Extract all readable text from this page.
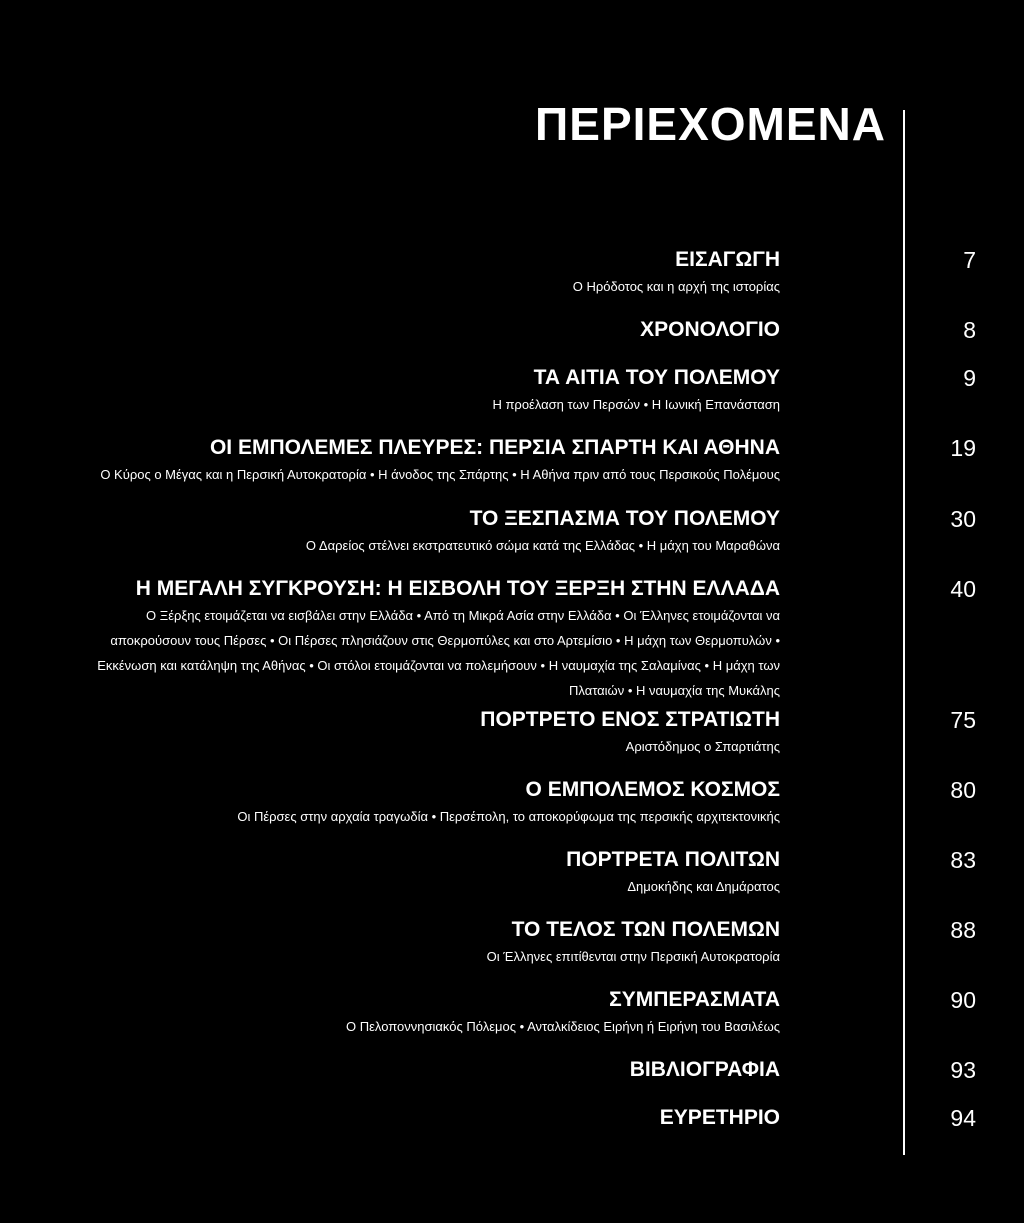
ΠΕΡΙΕΧΟΜΕΝΑ
ΕΙΣΑΓΩΓΗ
Ο Ηρόδοτος και η αρχή της ιστορίας
7
ΧΡΟΝΟΛΟΓΙΟ	8
ΤΑ ΑΙΤΙΑ ΤΟΥ ΠΟΛΕΜΟΥ
Η προέλαση των Περσών • Η Ιωνική Επανάσταση
9
ΟΙ ΕΜΠΟΛΕΜΕΣ ΠΛΕΥΡΕΣ: ΠΕΡΣΙΑ ΣΠΑΡΤΗ ΚΑΙ ΑΘΗΝΑ
Ο Κύρος ο Μέγας και η Περσική Αυτοκρατορία • Η άνοδος της Σπάρτης • Η Αθήνα πριν από τους Περσικούς Πολέμους
19
ΤΟ ΞΕΣΠΑΣΜΑ ΤΟΥ ΠΟΛΕΜΟΥ
Ο Δαρείος στέλνει εκστρατευτικό σώμα κατά της Ελλάδας • Η μάχη του Μαραθώνα
30
Η ΜΕΓΑΛΗ ΣΥΓΚΡΟΥΣΗ: Η ΕΙΣΒΟΛΗ ΤΟΥ ΞΕΡΞΗ ΣΤΗΝ ΕΛΛΑΔΑ
Ο Ξέρξης ετοιμάζεται να εισβάλει στην Ελλάδα • Από τη Μικρά Ασία στην Ελλάδα • Οι Έλληνες ετοιμάζονται να αποκρούσουν τους Πέρσες • Οι Πέρσες πλησιάζουν στις Θερμοπύλες και στο Αρτεμίσιο • Η μάχη των Θερμοπυλών • Εκκένωση και κατάληψη της Αθήνας • Οι στόλοι ετοιμάζονται να πολεμήσουν • Η ναυμαχία της Σαλαμίνας • Η μάχη των Πλαταιών • Η ναυμαχία της Μυκάλης
40
ΠΟΡΤΡΕΤΟ ΕΝΟΣ ΣΤΡΑΤΙΩΤΗ
Αριστόδημος ο Σπαρτιάτης
75
Ο ΕΜΠΟΛΕΜΟΣ ΚΟΣΜΟΣ
Οι Πέρσες στην αρχαία τραγωδία • Περσέπολη, το αποκορύφωμα της περσικής αρχιτεκτονικής
80
ΠΟΡΤΡΕΤΑ ΠΟΛΙΤΩΝ
Δημοκήδης και Δημάρατος
83
ΤΟ ΤΕΛΟΣ ΤΩΝ ΠΟΛΕΜΩΝ
Οι Έλληνες επιτίθενται στην Περσική Αυτοκρατορία
88
ΣΥΜΠΕΡΑΣΜΑΤΑ
Ο Πελοποννησιακός Πόλεμος • Ανταλκίδειος Ειρήνη ή Ειρήνη του Βασιλέως
90
ΒΙΒΛΙΟΓΡΑΦΙΑ	93
ΕΥΡΕΤΗΡΙΟ	94
